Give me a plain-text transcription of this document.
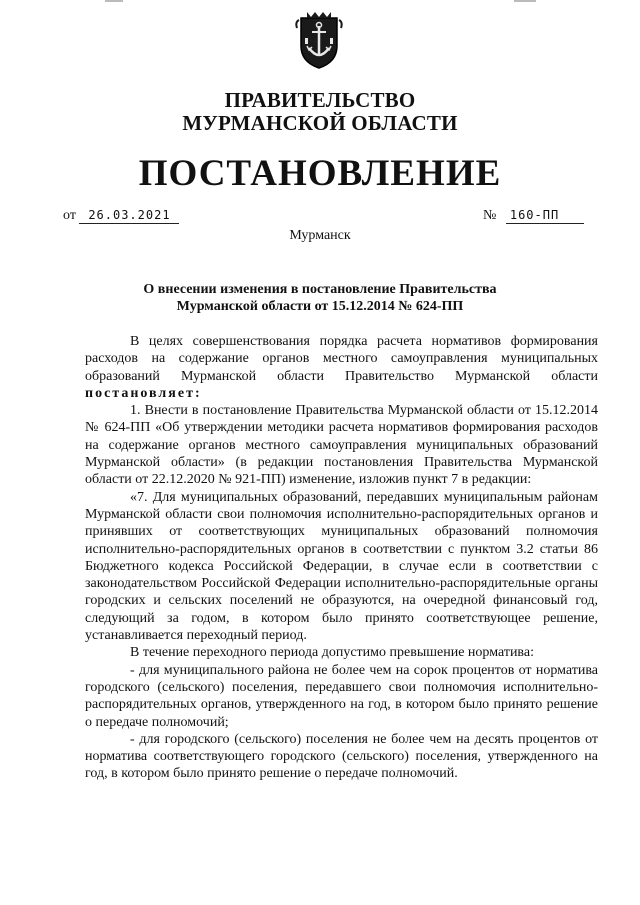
ПРАВИТЕЛЬСТВО
МУРМАНСКОЙ ОБЛАСТИ
ПОСТАНОВЛЕНИЕ
от 26.03.2021	№ 160-ПП
Мурманск
О внесении изменения в постановление Правительства
Мурманской области от 15.12.2014 № 624-ПП

В целях совершенствования порядка расчета нормативов формирования расходов на содержание органов местного самоуправления муниципальных образований Мурманской области Правительство Мурманской области постановляет:

1. Внести в постановление Правительства Мурманской области от 15.12.2014 № 624-ПП «Об утверждении методики расчета нормативов формирования расходов на содержание органов местного самоуправления муниципальных образований Мурманской области» (в редакции постановления Правительства Мурманской области от 22.12.2020 № 921-ПП) изменение, изложив пункт 7 в редакции:

«7. Для муниципальных образований, передавших муниципальным районам Мурманской области свои полномочия исполнительно-распорядительных органов и принявших от соответствующих муниципальных образований полномочия исполнительно-распорядительных органов в соответствии с пунктом 3.2 статьи 86 Бюджетного кодекса Российской Федерации, в случае если в соответствии с законодательством Российской Федерации исполнительно-распорядительные органы городских и сельских поселений не образуются, на очередной финансовый год, следующий за годом, в котором было принято соответствующее решение, устанавливается переходный период.

В течение переходного периода допустимо превышение норматива:

- для муниципального района не более чем на сорок процентов от норматива городского (сельского) поселения, передавшего свои полномочия исполнительно-распорядительных органов, утвержденного на год, в котором было принято решение о передаче полномочий;

- для городского (сельского) поселения не более чем на десять процентов от норматива соответствующего городского (сельского) поселения, утвержденного на год, в котором было принято решение о передаче полномочий.
